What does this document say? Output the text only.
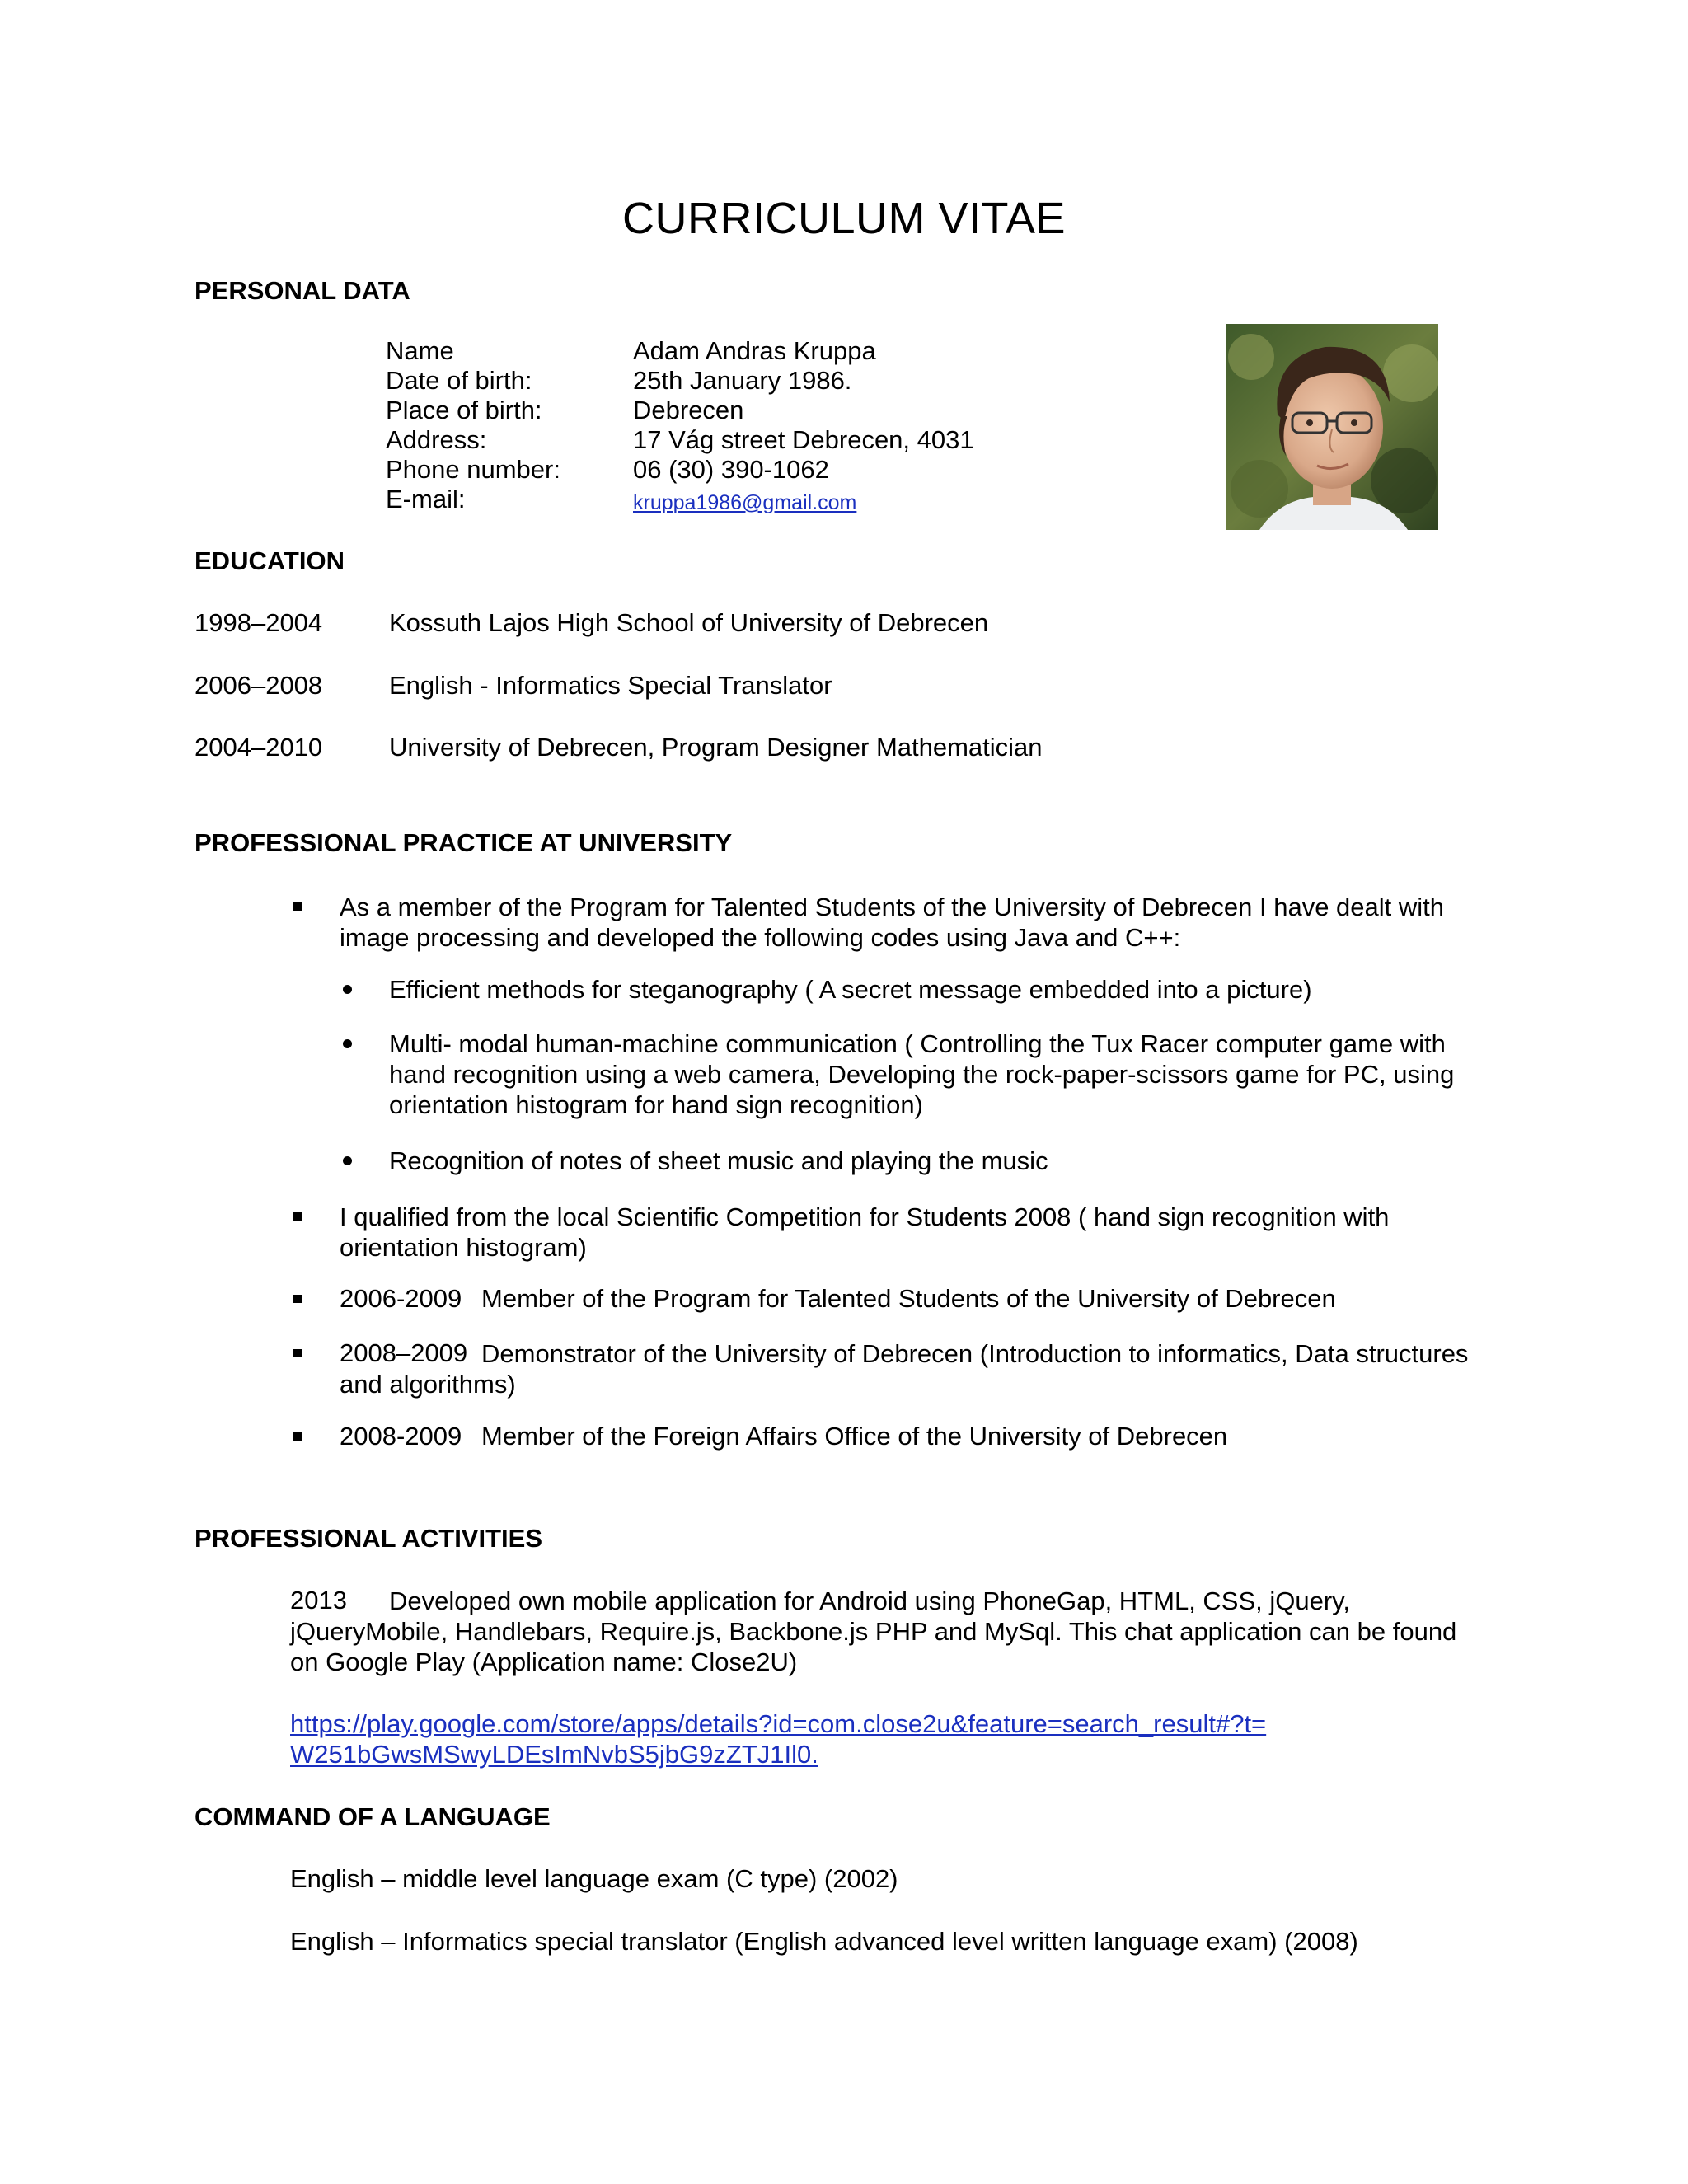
CURRICULUM VITAE
PERSONAL DATA
Name	Adam Andras Kruppa
Date of birth:	25th January 1986.
Place of birth:	Debrecen
Address:	17 Vág street Debrecen, 4031
Phone number:	06 (30) 390-1062
E-mail:	kruppa1986@gmail.com
EDUCATION
1998–2004	Kossuth Lajos High School of University of Debrecen
2006–2008	English - Informatics Special Translator
2004–2010	University of Debrecen, Program Designer Mathematician
PROFESSIONAL PRACTICE AT UNIVERSITY
As a member of the Program for Talented Students of the University of Debrecen I have dealt with image processing and developed the following codes using Java and C++:
Efficient methods for steganography ( A secret message embedded into a picture)
Multi- modal human-machine communication ( Controlling the Tux Racer computer game with hand recognition using a web camera, Developing the rock-paper-scissors game for PC, using orientation histogram for hand sign recognition)
Recognition of notes of sheet music and playing the music
I qualified from the local Scientific Competition for Students 2008 ( hand sign recognition with orientation histogram)
2006-2009 Member of the Program for Talented Students of the University of Debrecen
2008–2009 Demonstrator of the University of Debrecen (Introduction to informatics, Data structures and algorithms)
2008-2009 Member of the Foreign Affairs Office of the University of Debrecen
PROFESSIONAL ACTIVITIES
2013	Developed own mobile application for Android using PhoneGap, HTML, CSS, jQuery, jQueryMobile, Handlebars, Require.js, Backbone.js PHP and MySql. This chat application can be found on Google Play (Application name: Close2U)
https://play.google.com/store/apps/details?id=com.close2u&feature=search_result#?t=W251bGwsMSwyLDEsImNvbS5jbG9zZTJ1Il0.
COMMAND OF A LANGUAGE
English – middle level language exam (C type) (2002)
English – Informatics special translator (English advanced level written language exam) (2008)
